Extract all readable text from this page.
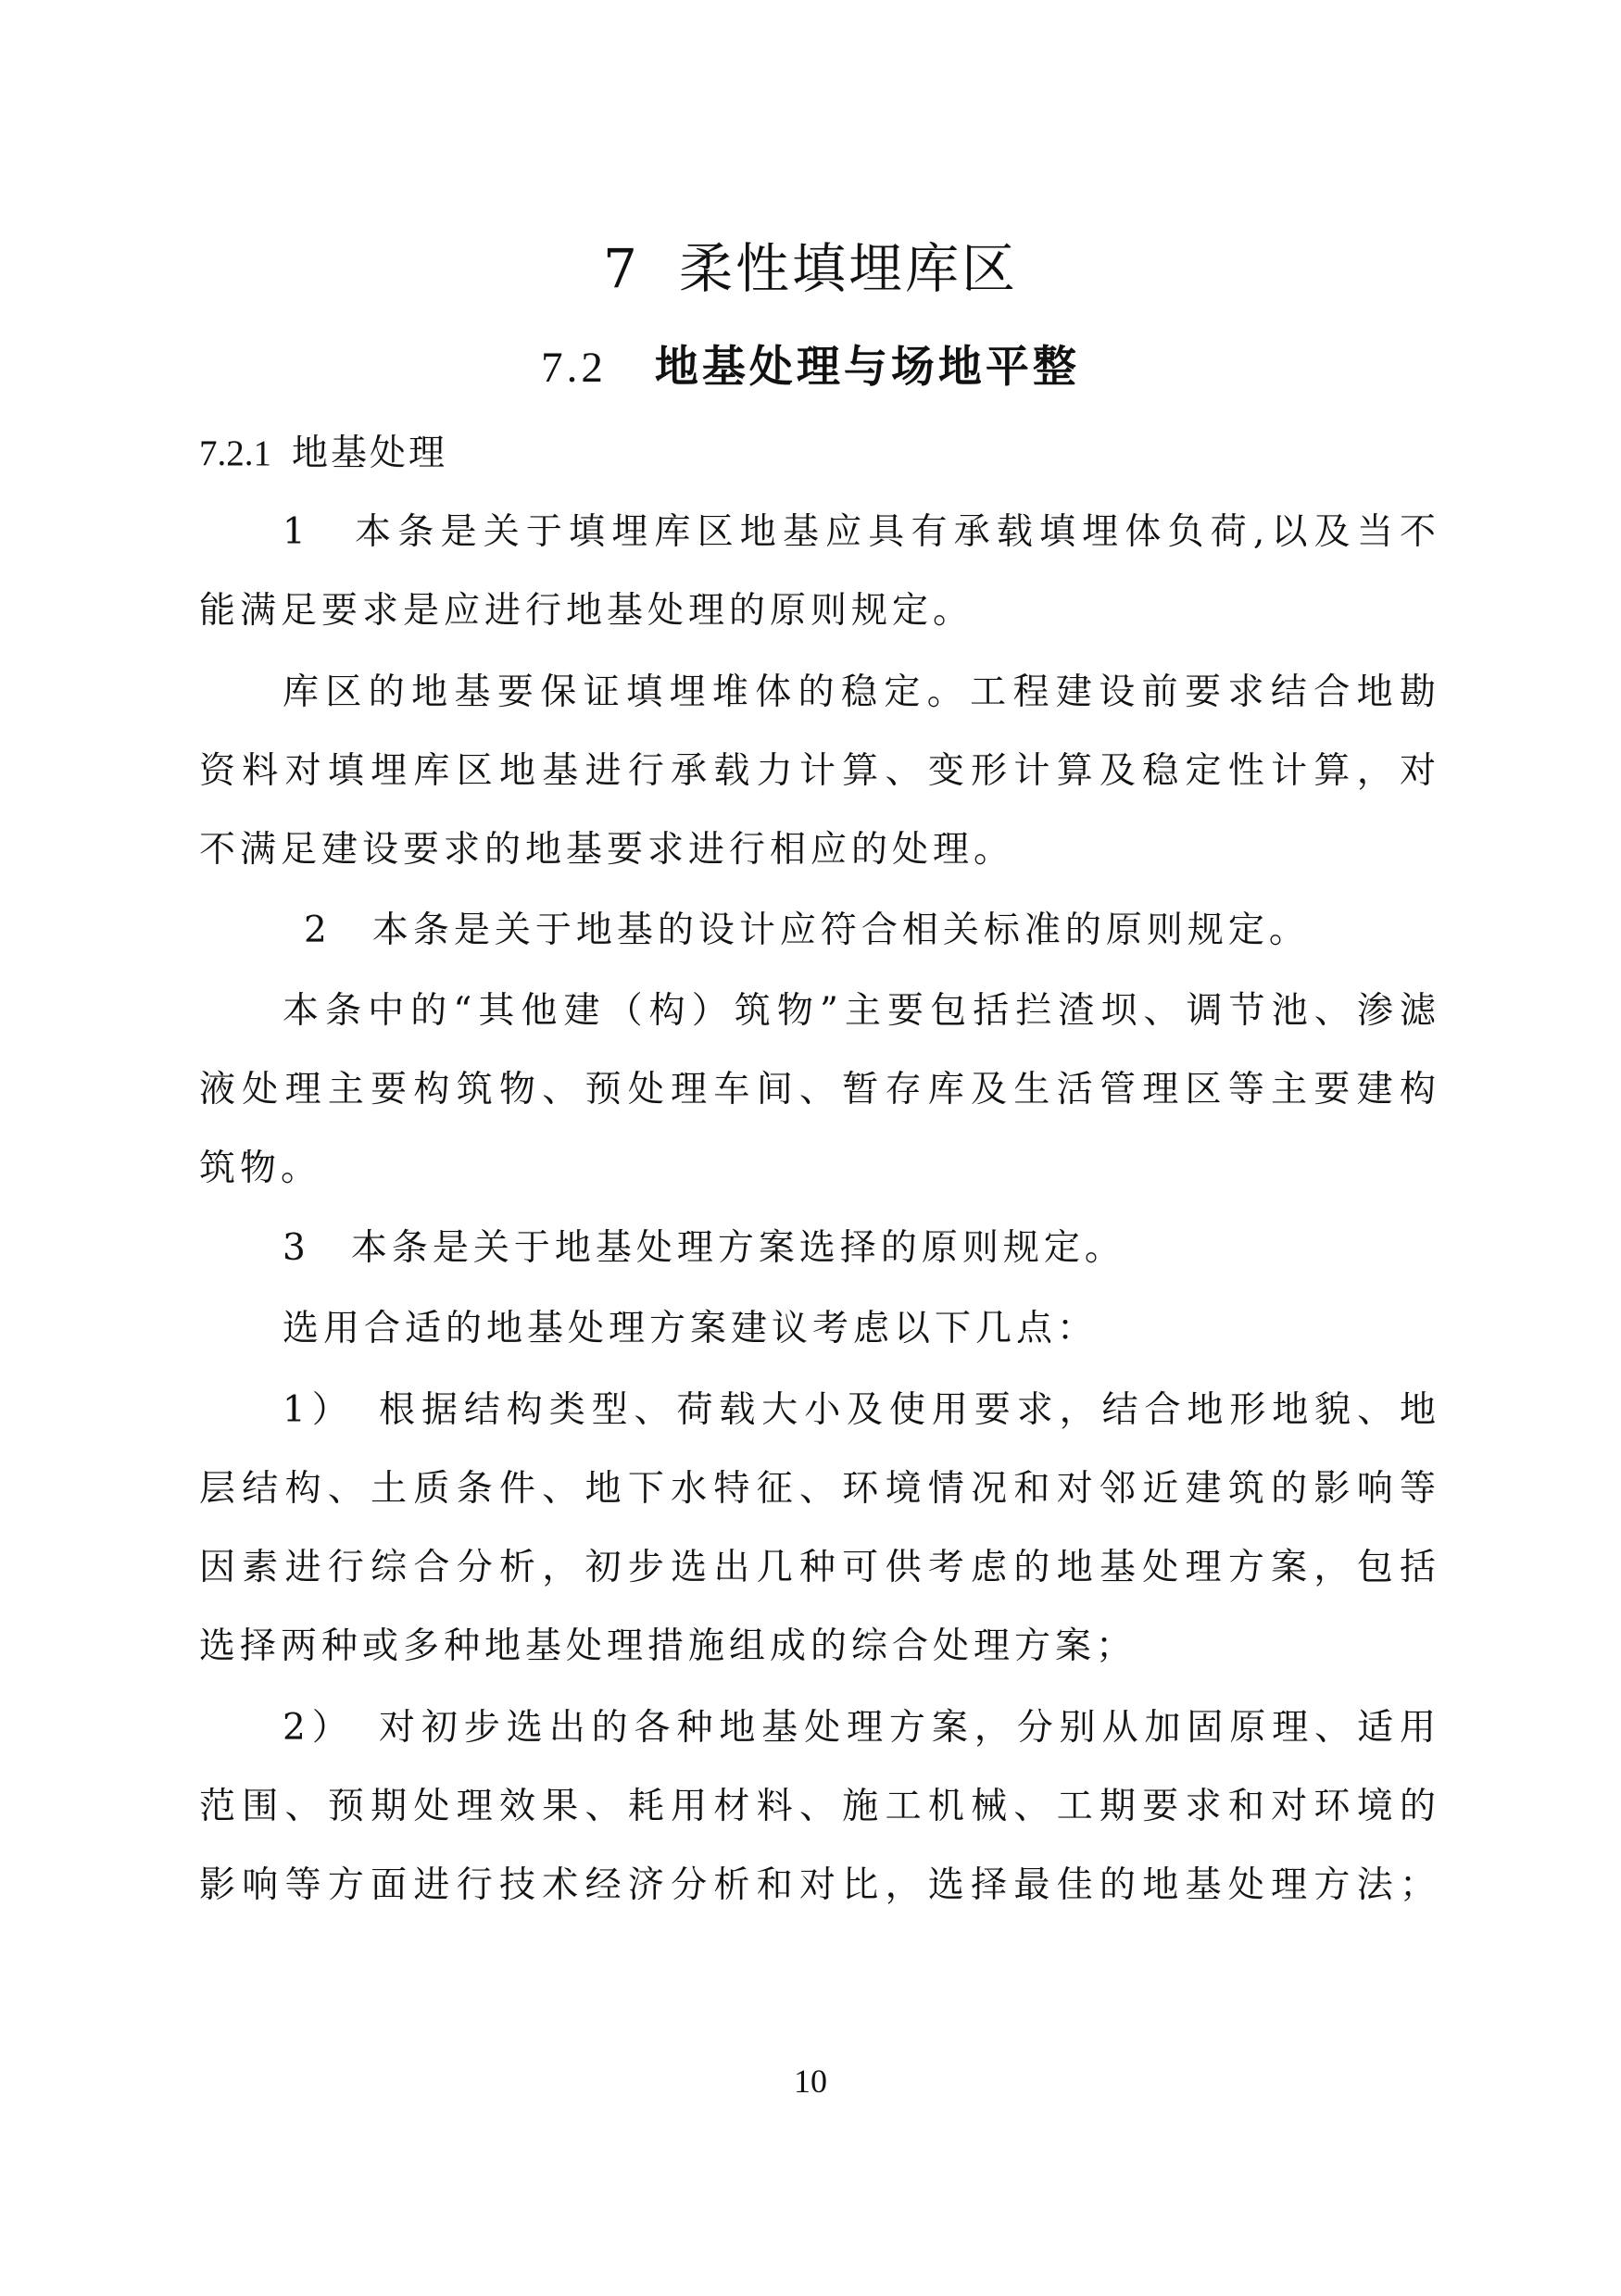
7 柔性填埋库区
7.2 地基处理与场地平整
7.2.1 地基处理
1　本条是关于填埋库区地基应具有承载填埋体负荷,以及当不
能满足要求是应进行地基处理的原则规定。
库区的地基要保证填埋堆体的稳定。工程建设前要求结合地勘
资料对填埋库区地基进行承载力计算、变形计算及稳定性计算，对
不满足建设要求的地基要求进行相应的处理。
2　本条是关于地基的设计应符合相关标准的原则规定。
本条中的“其他建（构）筑物”主要包括拦渣坝、调节池、渗滤
液处理主要构筑物、预处理车间、暂存库及生活管理区等主要建构
筑物。
3　本条是关于地基处理方案选择的原则规定。
选用合适的地基处理方案建议考虑以下几点：
1）　根据结构类型、荷载大小及使用要求，结合地形地貌、地
层结构、土质条件、地下水特征、环境情况和对邻近建筑的影响等
因素进行综合分析，初步选出几种可供考虑的地基处理方案，包括
选择两种或多种地基处理措施组成的综合处理方案；
2）　对初步选出的各种地基处理方案，分别从加固原理、适用
范围、预期处理效果、耗用材料、施工机械、工期要求和对环境的
影响等方面进行技术经济分析和对比，选择最佳的地基处理方法；
10
